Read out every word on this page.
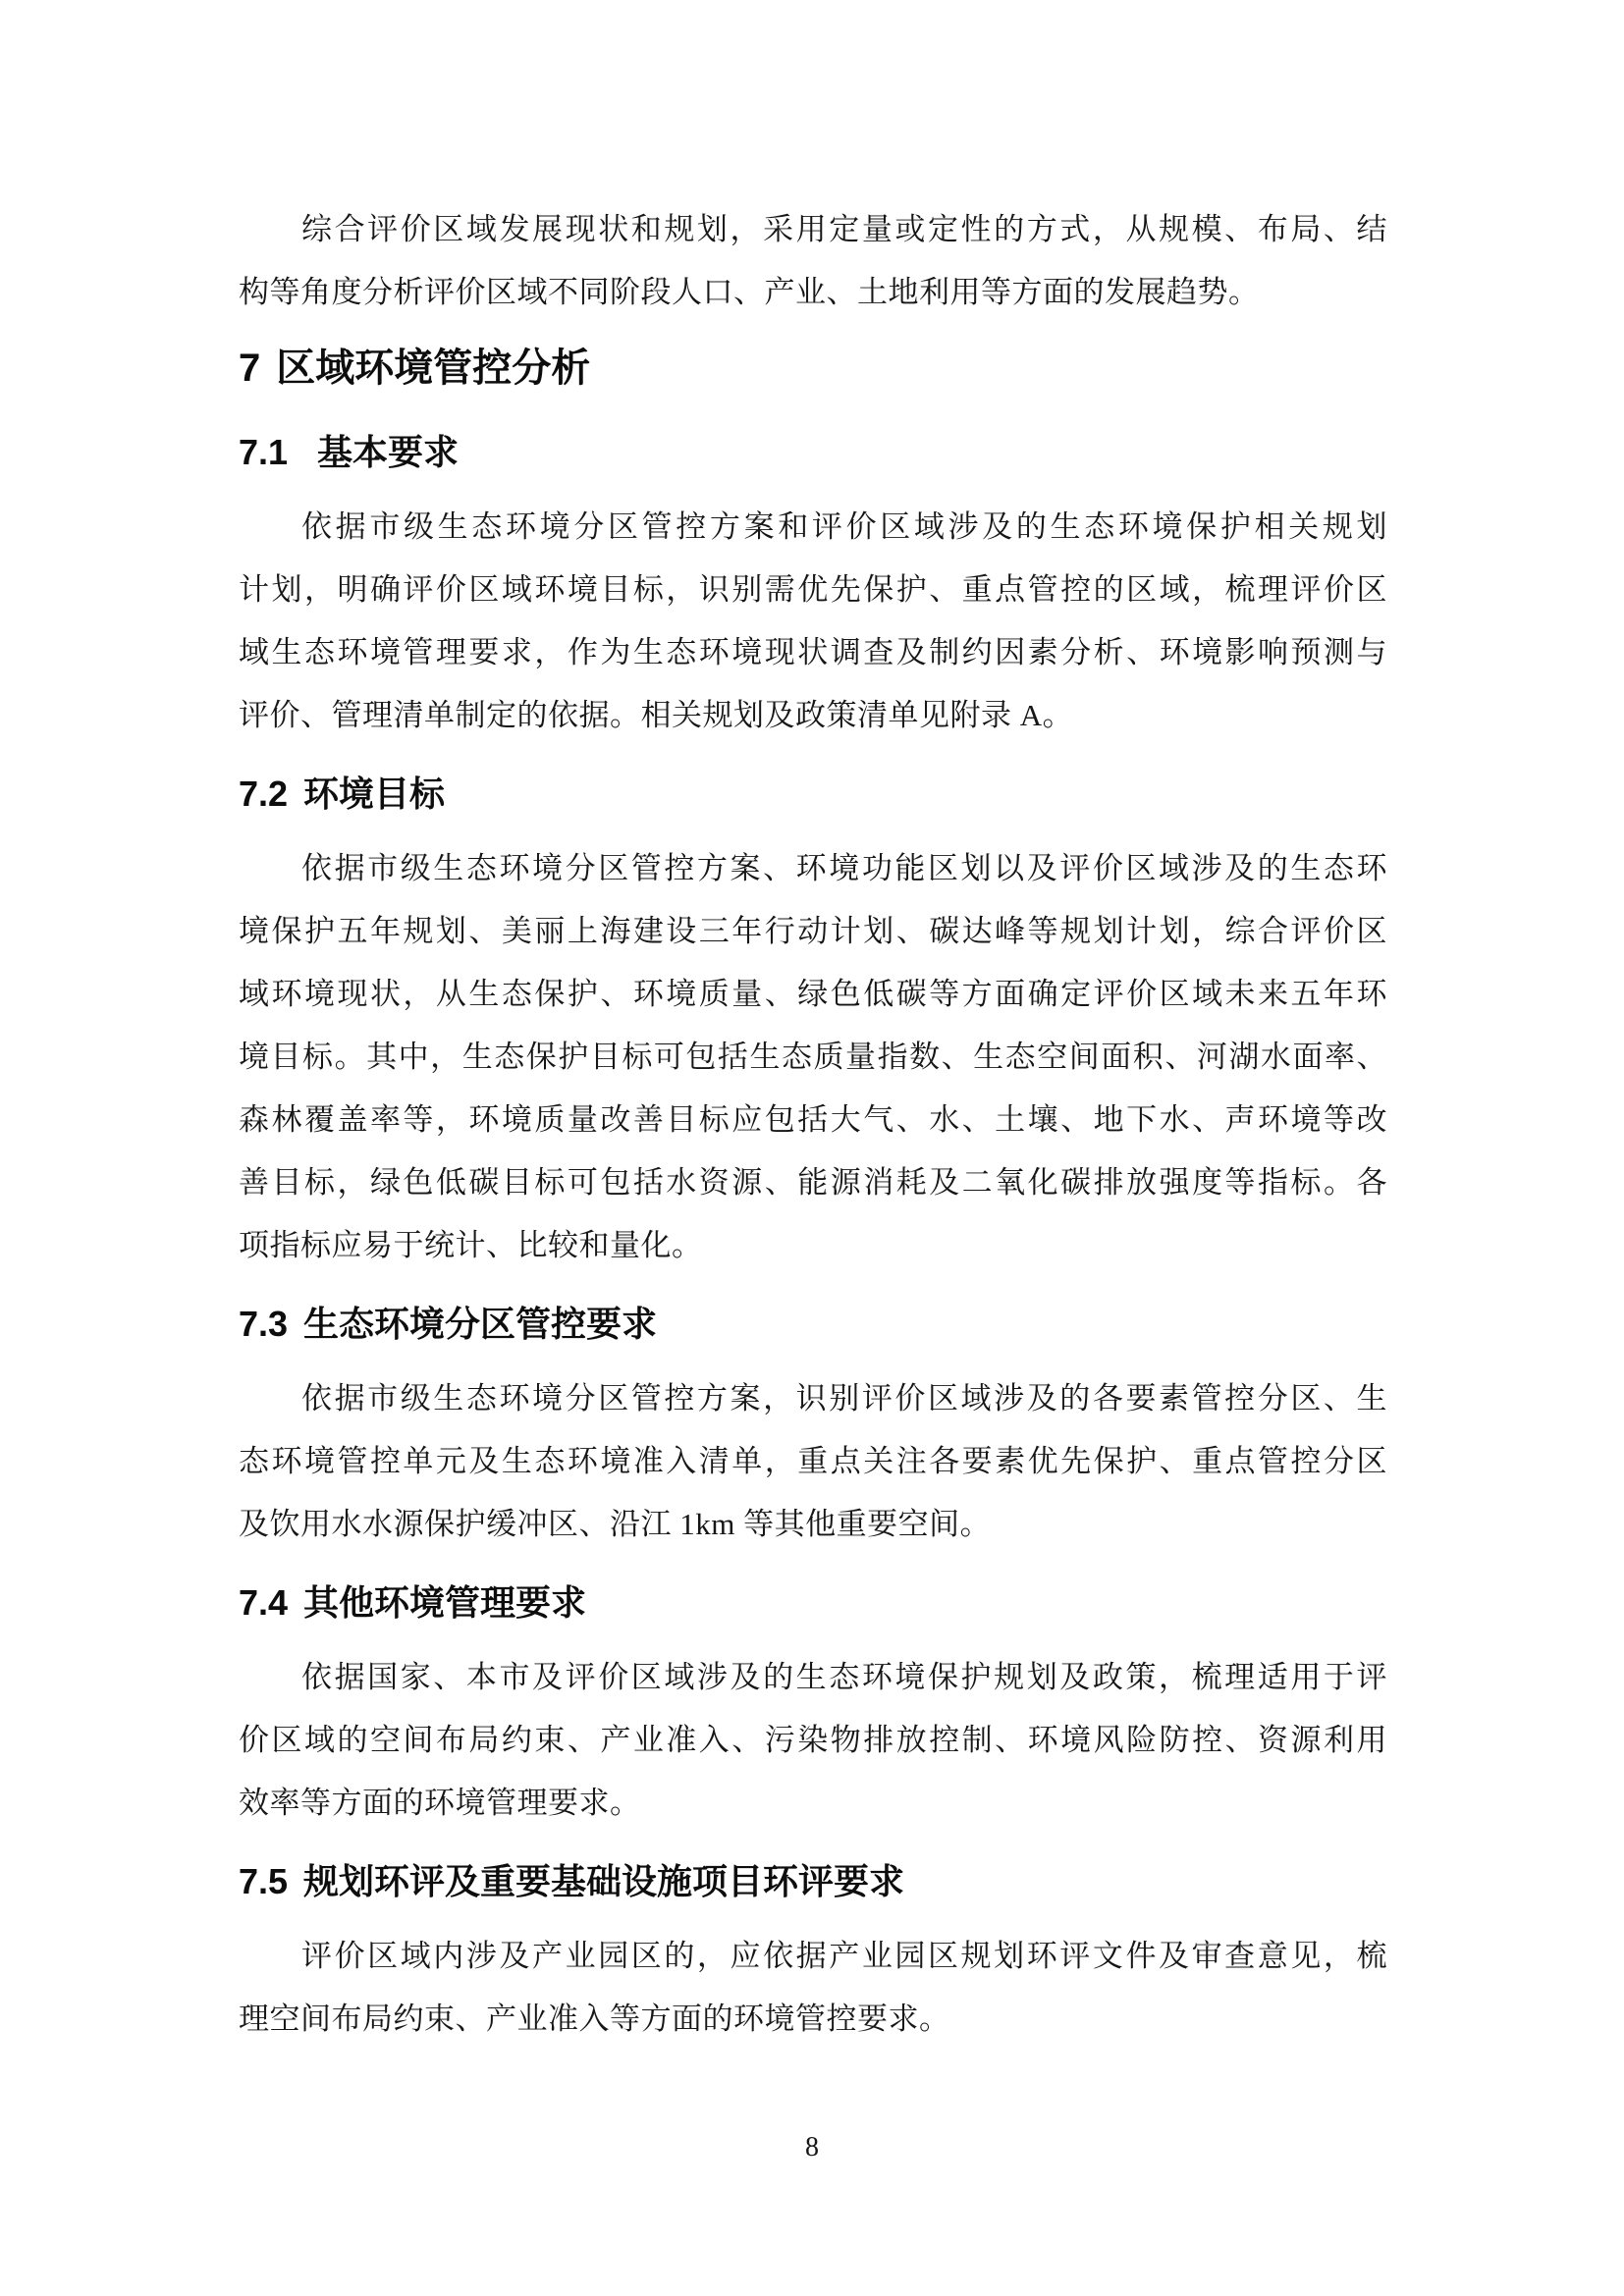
综合评价区域发展现状和规划，采用定量或定性的方式，从规模、布局、结
构等角度分析评价区域不同阶段人口、产业、土地利用等方面的发展趋势。
7 区域环境管控分析
7.1 基本要求
依据市级生态环境分区管控方案和评价区域涉及的生态环境保护相关规划
计划，明确评价区域环境目标，识别需优先保护、重点管控的区域，梳理评价区
域生态环境管理要求，作为生态环境现状调查及制约因素分析、环境影响预测与
评价、管理清单制定的依据。相关规划及政策清单见附录 A。
7.2 环境目标
依据市级生态环境分区管控方案、环境功能区划以及评价区域涉及的生态环
境保护五年规划、美丽上海建设三年行动计划、碳达峰等规划计划，综合评价区
域环境现状，从生态保护、环境质量、绿色低碳等方面确定评价区域未来五年环
境目标。其中，生态保护目标可包括生态质量指数、生态空间面积、河湖水面率、
森林覆盖率等，环境质量改善目标应包括大气、水、土壤、地下水、声环境等改
善目标，绿色低碳目标可包括水资源、能源消耗及二氧化碳排放强度等指标。各
项指标应易于统计、比较和量化。
7.3 生态环境分区管控要求
依据市级生态环境分区管控方案，识别评价区域涉及的各要素管控分区、生
态环境管控单元及生态环境准入清单，重点关注各要素优先保护、重点管控分区
及饮用水水源保护缓冲区、沿江 1km 等其他重要空间。
7.4 其他环境管理要求
依据国家、本市及评价区域涉及的生态环境保护规划及政策，梳理适用于评
价区域的空间布局约束、产业准入、污染物排放控制、环境风险防控、资源利用
效率等方面的环境管理要求。
7.5 规划环评及重要基础设施项目环评要求
评价区域内涉及产业园区的，应依据产业园区规划环评文件及审查意见，梳
理空间布局约束、产业准入等方面的环境管控要求。
8
